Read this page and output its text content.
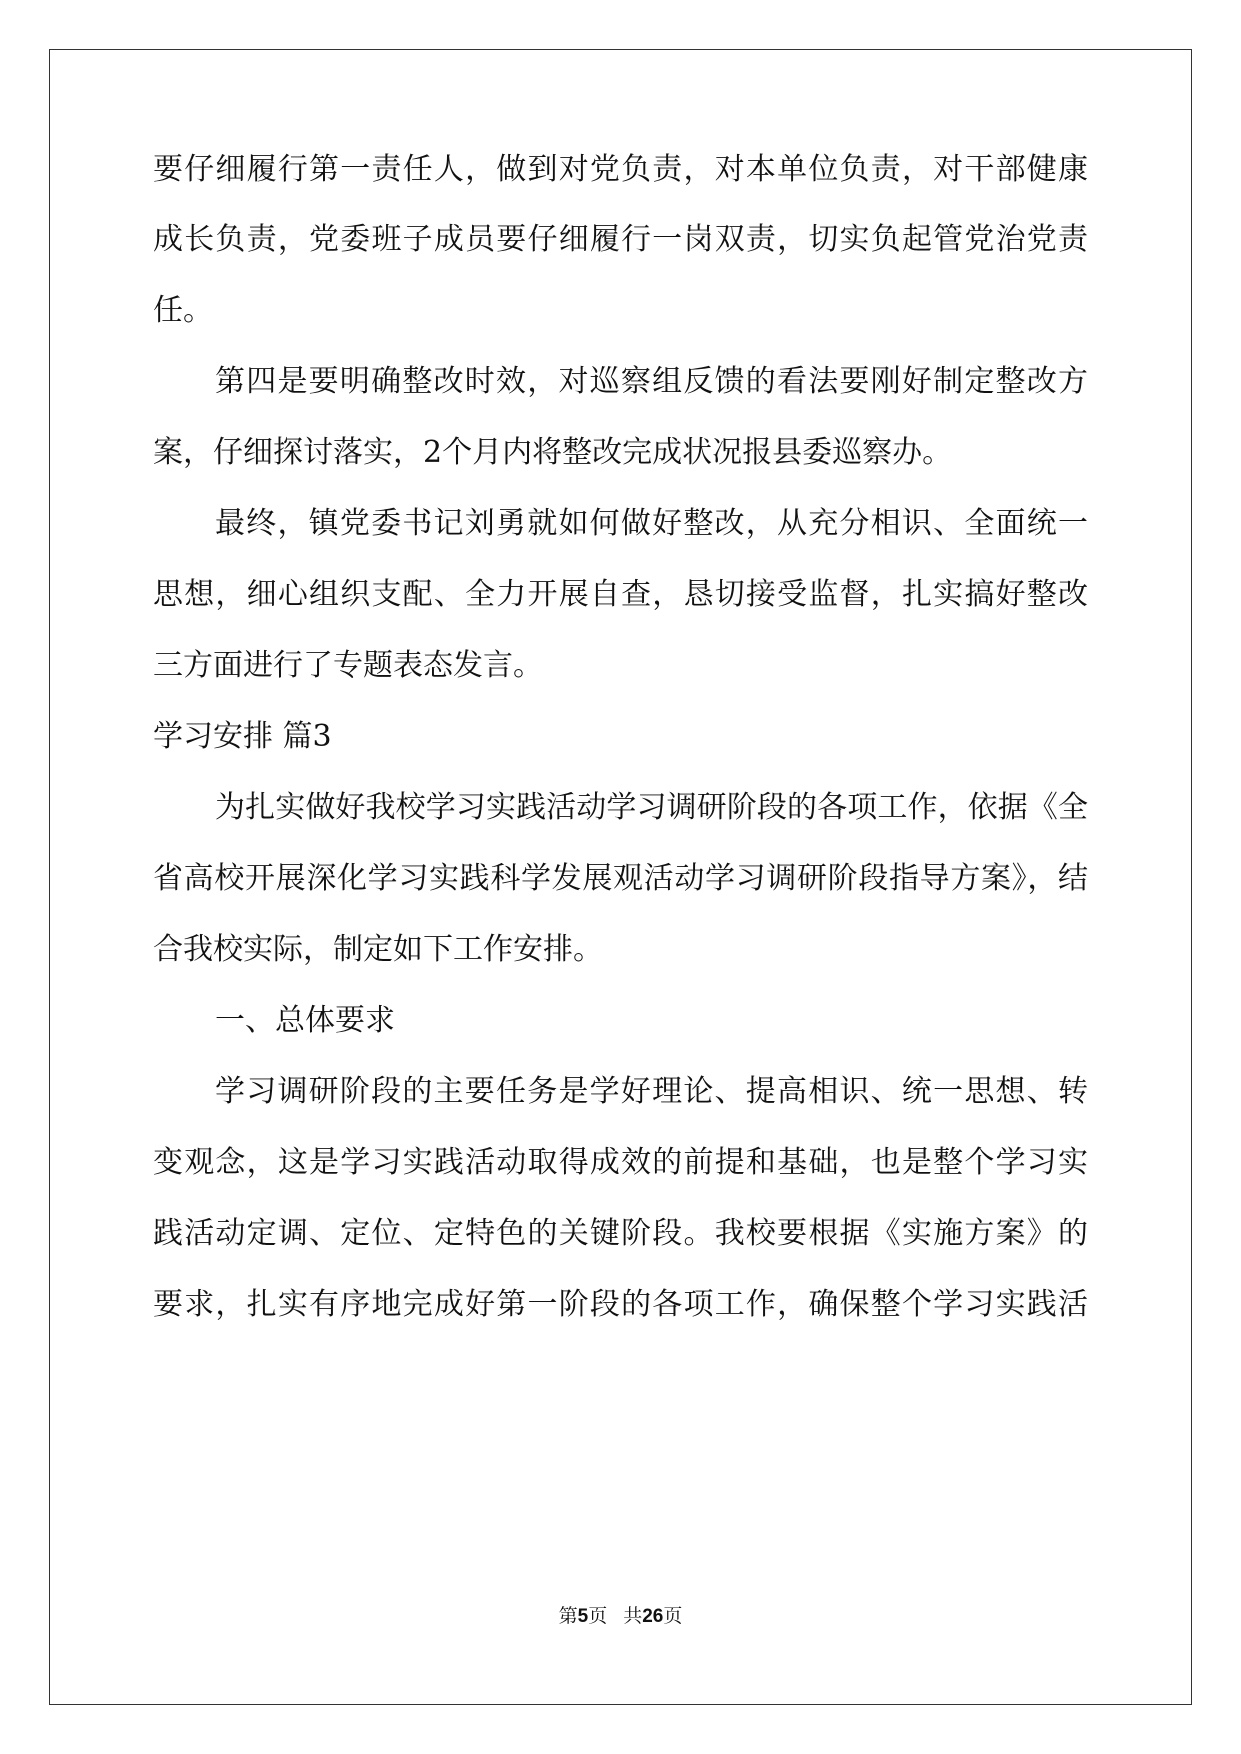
要仔细履行第一责任人，做到对党负责，对本单位负责，对干部健康
成长负责，党委班子成员要仔细履行一岗双责，切实负起管党治党责
任。
第四是要明确整改时效，对巡察组反馈的看法要刚好制定整改方
案，仔细探讨落实，2个月内将整改完成状况报县委巡察办。
最终，镇党委书记刘勇就如何做好整改，从充分相识、全面统一
思想，细心组织支配、全力开展自查，恳切接受监督，扎实搞好整改
三方面进行了专题表态发言。
学习安排 篇3
为扎实做好我校学习实践活动学习调研阶段的各项工作，依据《全
省高校开展深化学习实践科学发展观活动学习调研阶段指导方案》，结
合我校实际，制定如下工作安排。
一、总体要求
学习调研阶段的主要任务是学好理论、提高相识、统一思想、转
变观念，这是学习实践活动取得成效的前提和基础，也是整个学习实
践活动定调、定位、定特色的关键阶段。我校要根据《实施方案》的
要求，扎实有序地完成好第一阶段的各项工作，确保整个学习实践活
第5页 共26页
